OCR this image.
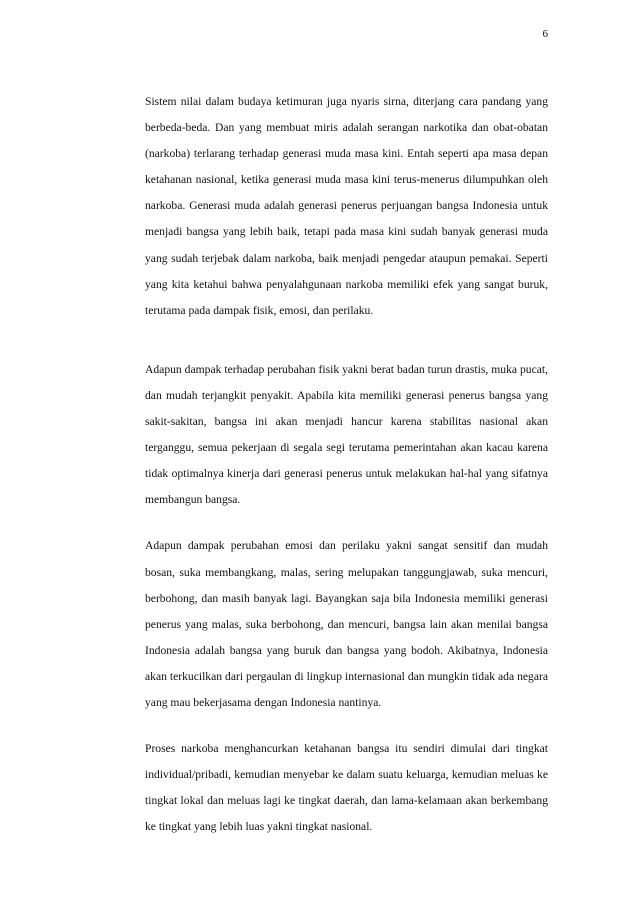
6

Sistem nilai dalam budaya ketimuran juga nyaris sirna, diterjang cara pandang yang berbeda-beda. Dan yang membuat miris adalah serangan narkotika dan obat-obatan (narkoba) terlarang terhadap generasi muda masa kini. Entah seperti apa masa depan ketahanan nasional, ketika generasi muda masa kini terus-menerus dilumpuhkan oleh narkoba. Generasi muda adalah generasi penerus perjuangan bangsa Indonesia untuk menjadi bangsa yang lebih baik, tetapi pada masa kini sudah banyak generasi muda yang sudah terjebak dalam narkoba, baik menjadi pengedar ataupun pemakai. Seperti yang kita ketahui bahwa penyalahgunaan narkoba memiliki efek yang sangat buruk, terutama pada dampak fisik, emosi, dan perilaku.

Adapun dampak terhadap perubahan fisik yakni berat badan turun drastis, muka pucat, dan mudah terjangkit penyakit. Apabila kita memiliki generasi penerus bangsa yang sakit-sakitan, bangsa ini akan menjadi hancur karena stabilitas nasional akan terganggu, semua pekerjaan di segala segi terutama pemerintahan akan kacau karena tidak optimalnya kinerja dari generasi penerus untuk melakukan hal-hal yang sifatnya membangun bangsa.

Adapun dampak perubahan emosi dan perilaku yakni sangat sensitif dan mudah bosan, suka membangkang, malas, sering melupakan tanggungjawab, suka mencuri, berbohong, dan masih banyak lagi. Bayangkan saja bila Indonesia memiliki generasi penerus yang malas, suka berbohong, dan mencuri, bangsa lain akan menilai bangsa Indonesia adalah bangsa yang buruk dan bangsa yang bodoh. Akibatnya, Indonesia akan terkucilkan dari pergaulan di lingkup internasional dan mungkin tidak ada negara yang mau bekerjasama dengan Indonesia nantinya.

Proses narkoba menghancurkan ketahanan bangsa itu sendiri dimulai dari tingkat individual/pribadi, kemudian menyebar ke dalam suatu keluarga, kemudian meluas ke tingkat lokal dan meluas lagi ke tingkat daerah, dan lama-kelamaan akan berkembang ke tingkat yang lebih luas yakni tingkat nasional.
